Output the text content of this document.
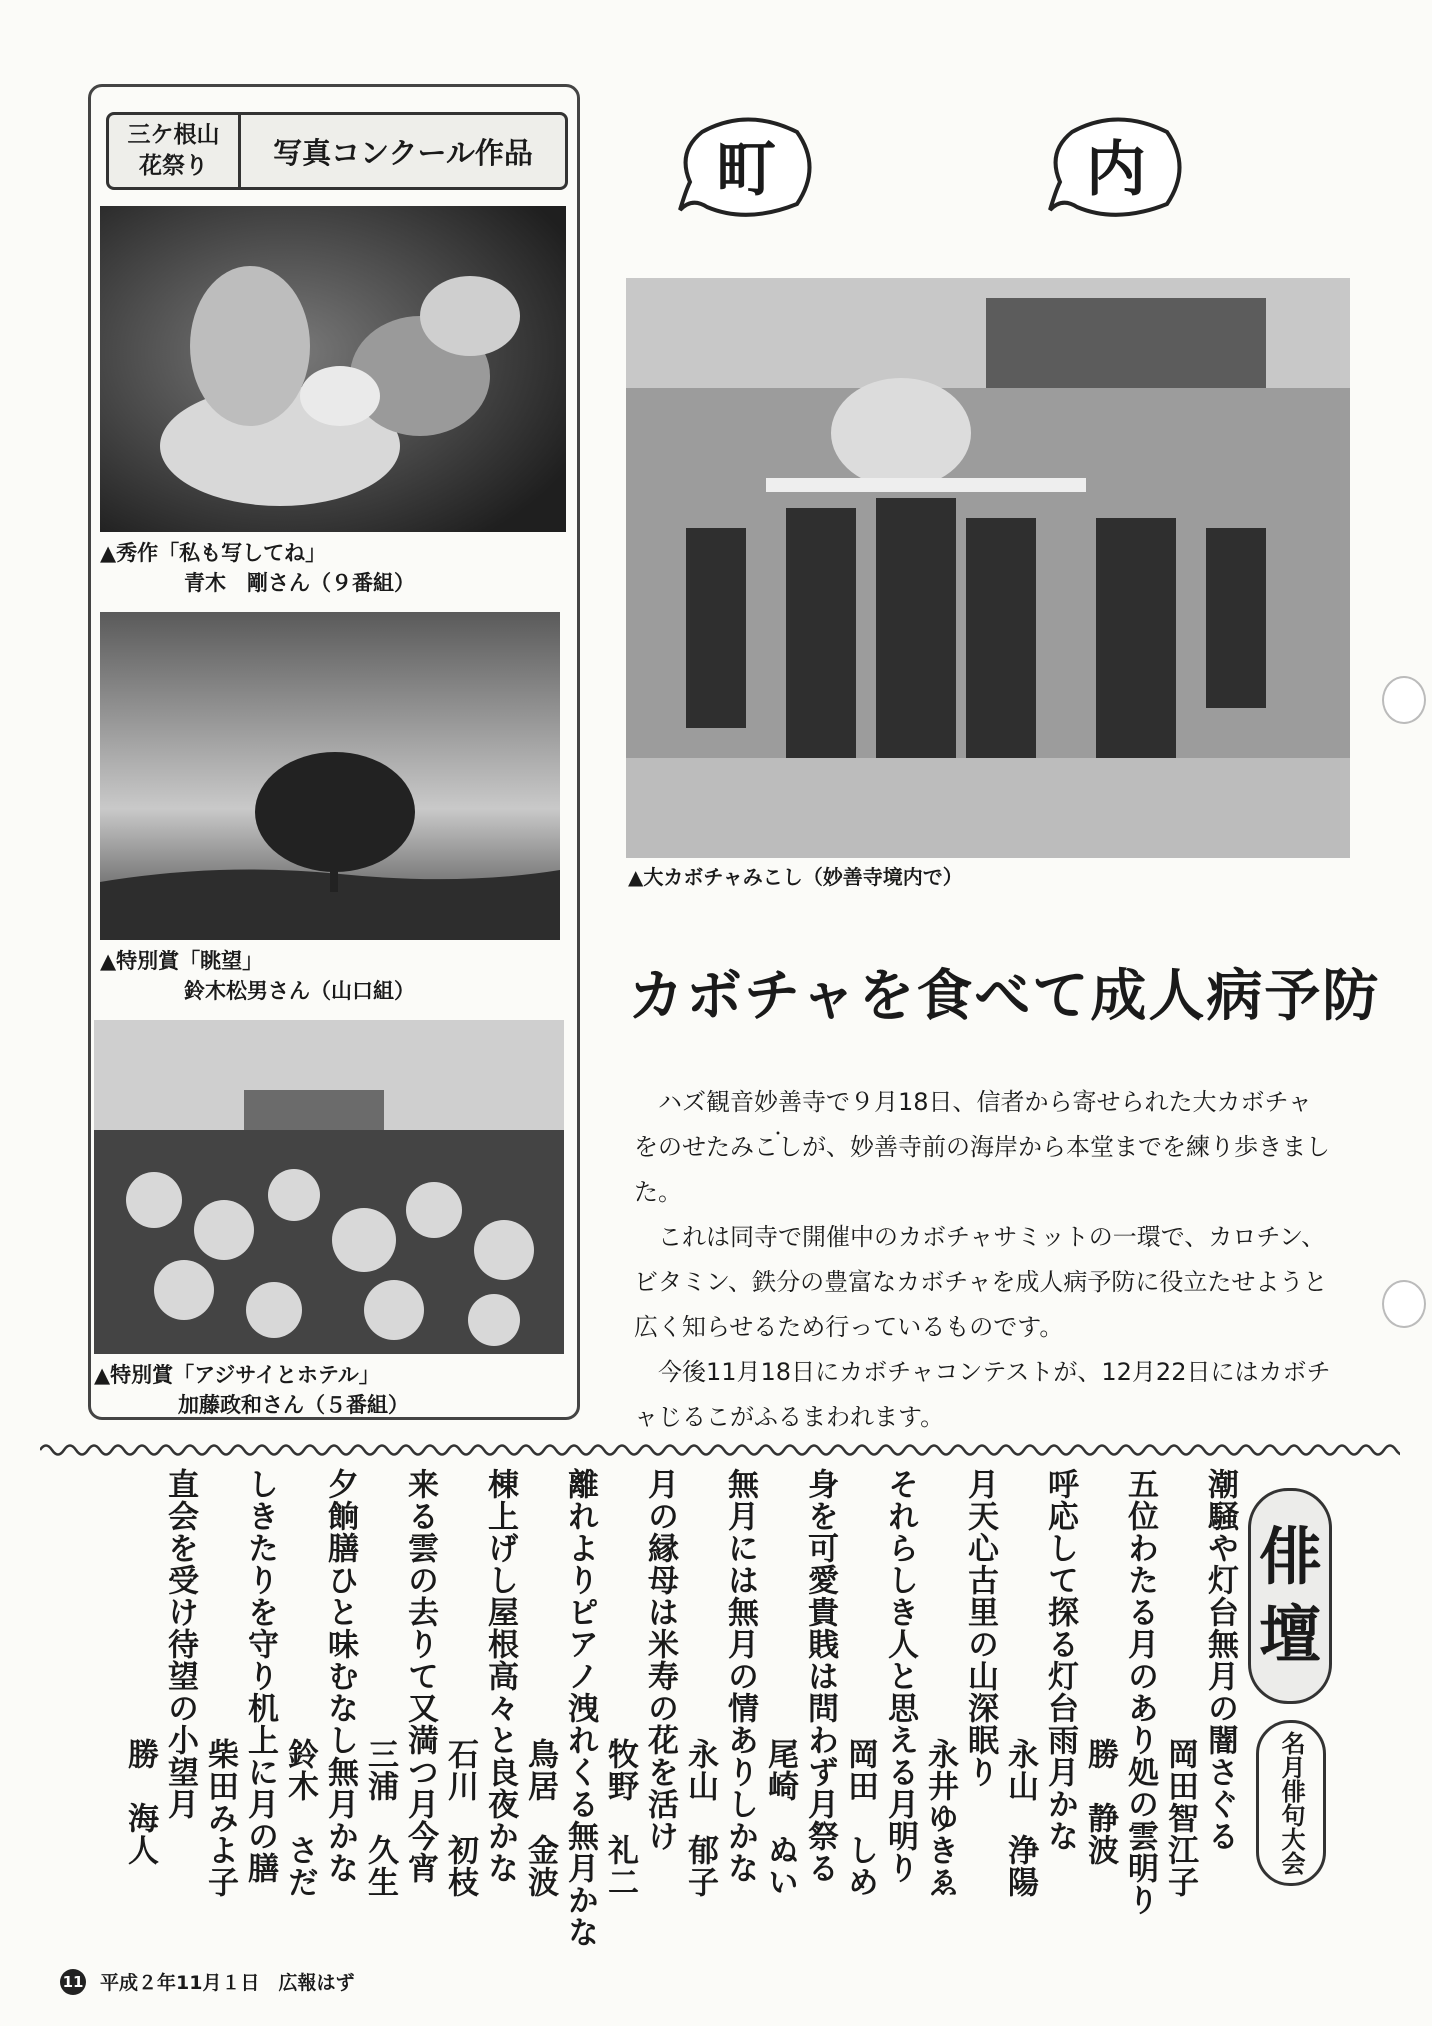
三ケ根山
花祭り	写真コンクール作品
▲秀作「私も写してね」
青木　剛さん（９番組）
▲特別賞「眺望」
鈴木松男さん（山口組）
▲特別賞「アジサイとホテル」
加藤政和さん（５番組）
町	内
▲大カボチャみこし（妙善寺境内で）
カボチャを食べて成人病予防

ハズ観音妙善寺で９月18日、信者から寄せられた大カボチャをのせたみこし ・が、妙善寺前の海岸から本堂までを練り歩きました。

これは同寺で開催中のカボチャサミットの一環で、カロチン、ビタミン、鉄分の豊富なカボチャを成人病予防に役立たせようと広く知らせるため行っているものです。

今後11月18日にカボチャコンテストが、12月22日にはカボチャじるこがふるまわれます。

俳
壇
名月俳句大会
潮騒や灯台無月の闇さぐる
岡田智江子
五位わたる月のあり処の雲明り
勝　静波
呼応して探る灯台雨月かな
永山　浄陽
月天心古里の山深眠り
永井ゆきゑ
それらしき人と思える月明り
岡田　しめ
身を可愛貴賎は問わず月祭る
尾崎　ぬい
無月には無月の情ありしかな
永山　郁子
月の縁母は米寿の花を活け
牧野　礼二
離れよりピアノ洩れくる無月かな
鳥居　金波
棟上げし屋根高々と良夜かな
石川　初枝
来る雲の去りて又満つ月今宵
三浦　久生
夕餉膳ひと味むなし無月かな
鈴木　さだ
しきたりを守り机上に月の膳
柴田みよ子
直会を受け待望の小望月
勝　海人
11 平成２年11月１日　広報はず
